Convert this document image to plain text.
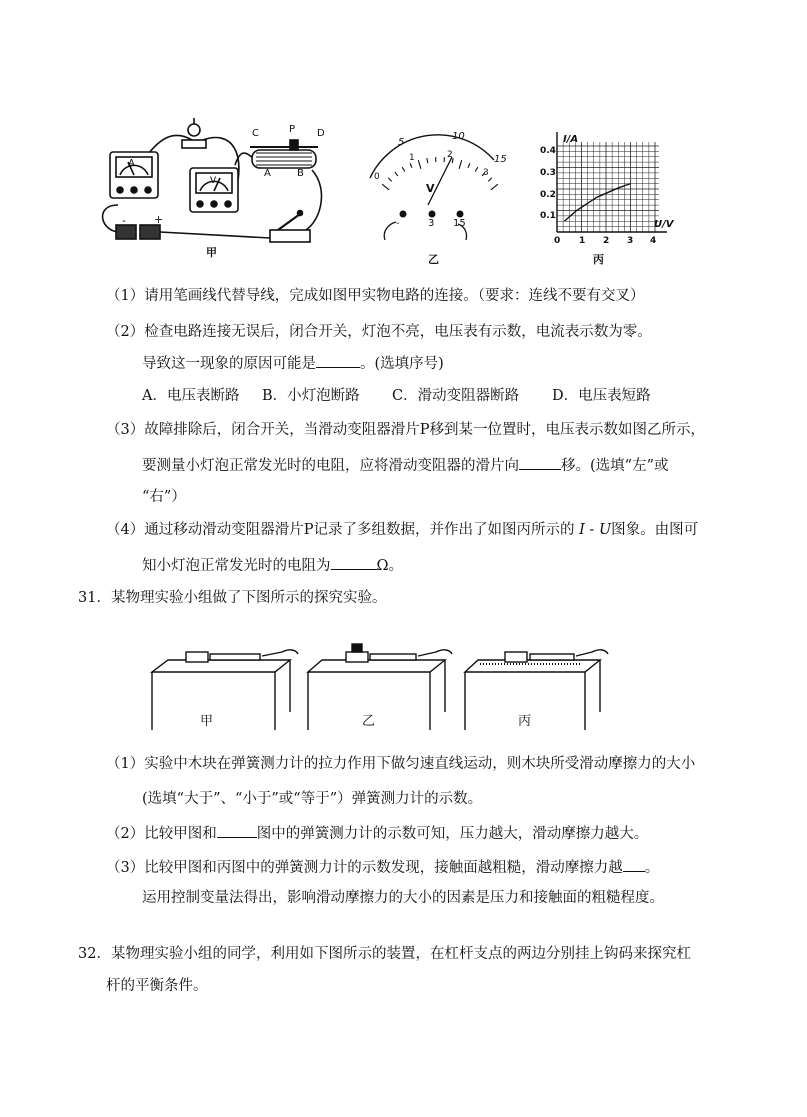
A
V
-	+
C	P D
A	B
甲
5
10
15
0
1	2
3
V
-	3 15
乙
I/A
U/V
0.4
0.3
0.2
0.1
0 1 2 3 4
丙
（1）请用笔画线代替导线，完成如图甲实物电路的连接。（要求：连线不要有交叉）
（2）检查电路连接无误后，闭合开关，灯泡不亮，电压表有示数，电流表示数为零。
导致这一现象的原因可能是	。(选填序号)
A．电压表断路 B．小灯泡断路 C．滑动变阻器断路 D．电压表短路
（3）故障排除后，闭合开关，当滑动变阻器滑片P移到某一位置时，电压表示数如图乙所示，
要测量小灯泡正常发光时的电阻，应将滑动变阻器的滑片向	移。(选填“左”或
“右”）
（4）通过移动滑动变阻器滑片P记录了多组数据，并作出了如图丙所示的 I - U图象。由图可
知小灯泡正常发光时的电阻为	Ω。
31．某物理实验小组做了下图所示的探究实验。
甲	乙	丙
（1）实验中木块在弹簧测力计的拉力作用下做匀速直线运动，则木块所受滑动摩擦力的大小
(选填“大于”、“小于”或“等于”）弹簧测力计的示数。
（2）比较甲图和	图中的弹簧测力计的示数可知，压力越大，滑动摩擦力越大。
（3）比较甲图和丙图中的弹簧测力计的示数发现，接触面越粗糙，滑动摩擦力越 。
运用控制变量法得出，影响滑动摩擦力的大小的因素是压力和接触面的粗糙程度。
32．某物理实验小组的同学，利用如下图所示的装置，在杠杆支点的两边分别挂上钩码来探究杠
杆的平衡条件。
